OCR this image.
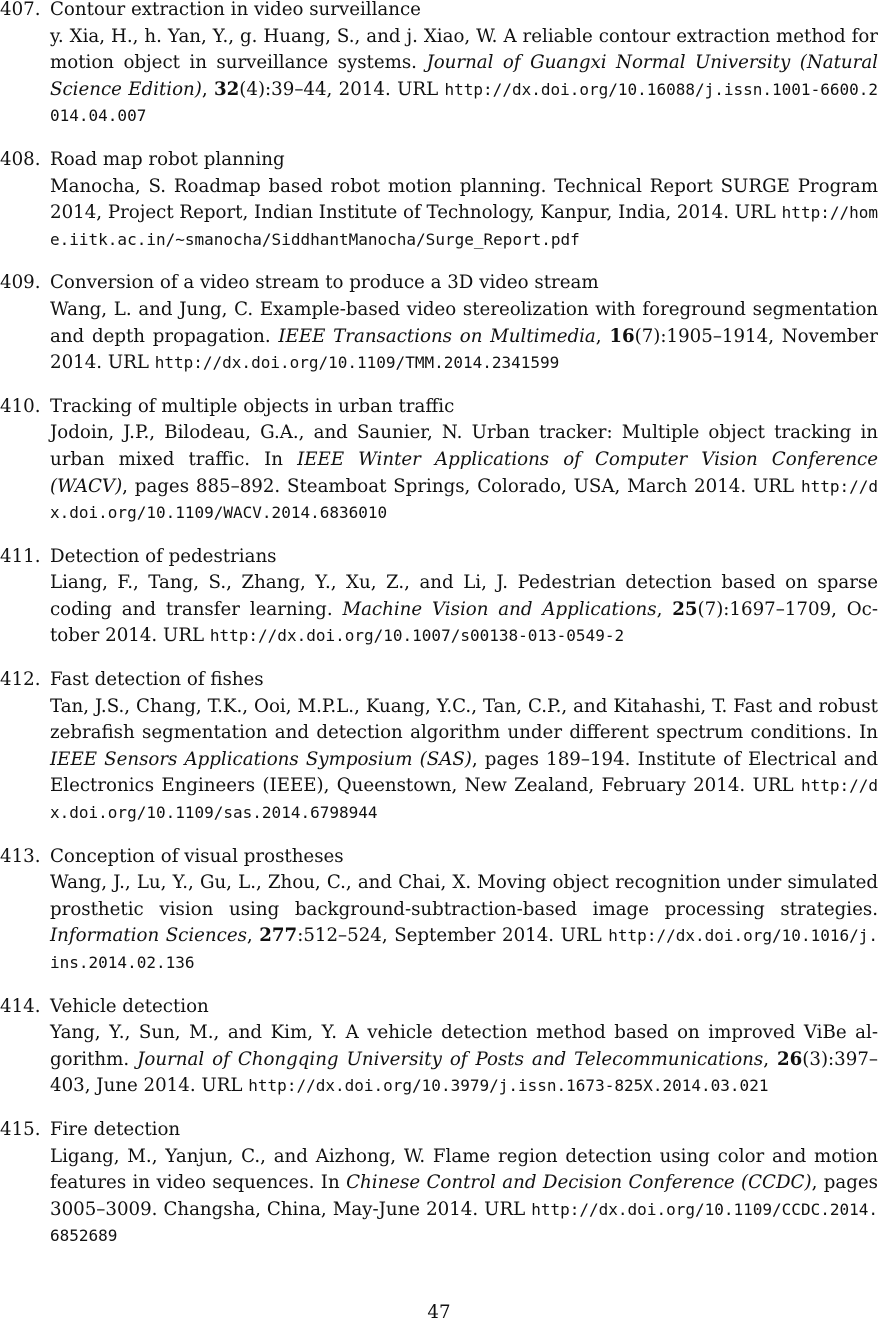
407. Contour extraction in video surveillance
y. Xia, H., h. Yan, Y., g. Huang, S., and j. Xiao, W. A reliable contour extraction method for motion object in surveillance systems. Journal of Guangxi Normal University (Natural Science Edition), 32(4):39–44, 2014. URL http://dx.doi.org/10.16088/j.issn.1001-6600.2014.04.007
408. Road map robot planning
Manocha, S. Roadmap based robot motion planning. Technical Report SURGE Program 2014, Project Report, Indian Institute of Technology, Kanpur, India, 2014. URL http://home.iitk.ac.in/~smanocha/SiddhantManocha/Surge_Report.pdf
409. Conversion of a video stream to produce a 3D video stream
Wang, L. and Jung, C. Example-based video stereolization with foreground segmentation and depth propagation. IEEE Transactions on Multimedia, 16(7):1905–1914, November 2014. URL http://dx.doi.org/10.1109/TMM.2014.2341599
410. Tracking of multiple objects in urban traffic
Jodoin, J.P., Bilodeau, G.A., and Saunier, N. Urban tracker: Multiple object tracking in urban mixed traffic. In IEEE Winter Applications of Computer Vision Conference (WACV), pages 885–892. Steamboat Springs, Colorado, USA, March 2014. URL http://dx.doi.org/10.1109/WACV.2014.6836010
411. Detection of pedestrians
Liang, F., Tang, S., Zhang, Y., Xu, Z., and Li, J. Pedestrian detection based on sparse coding and transfer learning. Machine Vision and Applications, 25(7):1697–1709, October 2014. URL http://dx.doi.org/10.1007/s00138-013-0549-2
412. Fast detection of fishes
Tan, J.S., Chang, T.K., Ooi, M.P.L., Kuang, Y.C., Tan, C.P., and Kitahashi, T. Fast and robust zebrafish segmentation and detection algorithm under different spectrum conditions. In IEEE Sensors Applications Symposium (SAS), pages 189–194. Institute of Electrical and Electronics Engineers (IEEE), Queenstown, New Zealand, February 2014. URL http://dx.doi.org/10.1109/sas.2014.6798944
413. Conception of visual prostheses
Wang, J., Lu, Y., Gu, L., Zhou, C., and Chai, X. Moving object recognition under simulated prosthetic vision using background-subtraction-based image processing strategies. Information Sciences, 277:512–524, September 2014. URL http://dx.doi.org/10.1016/j.ins.2014.02.136
414. Vehicle detection
Yang, Y., Sun, M., and Kim, Y. A vehicle detection method based on improved ViBe algorithm. Journal of Chongqing University of Posts and Telecommunications, 26(3):397–403, June 2014. URL http://dx.doi.org/10.3979/j.issn.1673-825X.2014.03.021
415. Fire detection
Ligang, M., Yanjun, C., and Aizhong, W. Flame region detection using color and motion features in video sequences. In Chinese Control and Decision Conference (CCDC), pages 3005–3009. Changsha, China, May-June 2014. URL http://dx.doi.org/10.1109/CCDC.2014.6852689
47
